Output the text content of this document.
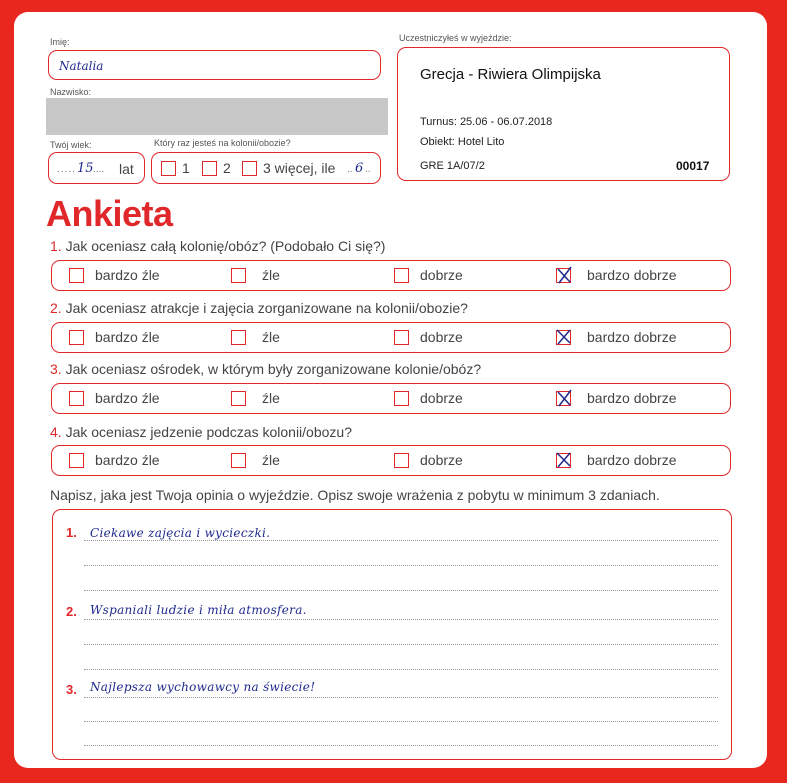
Imię:
Natalia
Nazwisko:
Twój wiek:
..... 15 .... lat
Który raz jesteś na kolonii/obozie?
1 2 3 więcej, ile .. 6 ..
Uczestniczyłeś w wyjeździe:
Grecja - Riwiera Olimpijska
Turnus: 25.06 - 06.07.2018
Obiekt: Hotel Lito
GRE 1A/07/2	00017
Ankieta
1. Jak oceniasz całą kolonię/obóz? (Podobało Ci się?)
bardzo źle	źle	dobrze	bardzo dobrze
2. Jak oceniasz atrakcje i zajęcia zorganizowane na kolonii/obozie?
bardzo źle	źle	dobrze	bardzo dobrze
3. Jak oceniasz ośrodek, w którym były zorganizowane kolonie/obóz?
bardzo źle	źle	dobrze	bardzo dobrze
4. Jak oceniasz jedzenie podczas kolonii/obozu?
bardzo źle	źle	dobrze	bardzo dobrze
Napisz, jaka jest Twoja opinia o wyjeździe. Opisz swoje wrażenia z pobytu w minimum 3 zdaniach.
1. Ciekawe zajęcia i wycieczki.
2. Wspaniali ludzie i miła atmosfera.
3. Najlepsza wychowawcy na świecie!
